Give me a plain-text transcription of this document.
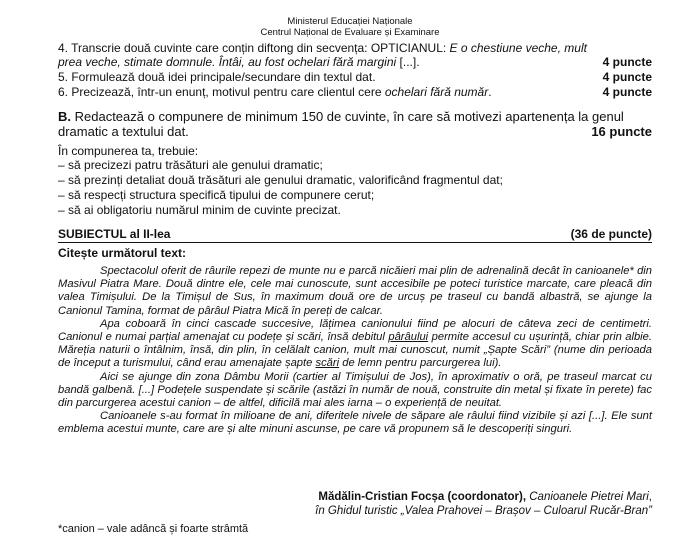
Ministerul Educației Naționale
Centrul Național de Evaluare și Examinare
4. Transcrie două cuvinte care conțin diftong din secvența: OPTICIANUL: E o chestiune veche, mult
prea veche, stimate domnule. Întâi, au fost ochelari fără margini [...].	4 puncte
5. Formulează două idei principale/secundare din textul dat.	4 puncte
6. Precizează, într-un enunț, motivul pentru care clientul cere ochelari fără număr.	4 puncte
B. Redactează o compunere de minimum 150 de cuvinte, în care să motivezi apartenența la genul
dramatic a textului dat.	16 puncte
În compunerea ta, trebuie:
– să precizezi patru trăsături ale genului dramatic;
– să prezinți detaliat două trăsături ale genului dramatic, valorificând fragmentul dat;
– să respecți structura specifică tipului de compunere cerut;
– să ai obligatoriu numărul minim de cuvinte precizat.
SUBIECTUL al II-lea	(36 de puncte)
Citește următorul text:

Spectacolul oferit de râurile repezi de munte nu e parcă nicăieri mai plin de adrenalină decât în canioanele* din Masivul Piatra Mare. Două dintre ele, cele mai cunoscute, sunt accesibile pe poteci turistice marcate, care pleacă din valea Timișului. De la Timișul de Sus, în maximum două ore de urcuș pe traseul cu bandă albastră, se ajunge la Canionul Tamina, format de pârâul Piatra Mică în pereți de calcar.

Apa coboară în cinci cascade succesive, lățimea canionului fiind pe alocuri de câteva zeci de centimetri. Canionul e numai parțial amenajat cu podețe și scări, însă debitul pârâului permite accesul cu ușurință, chiar prin albie. Măreția naturii o întâlnim, însă, din plin, în celălalt canion, mult mai cunoscut, numit „Șapte Scări” (nume din perioada de început a turismului, când erau amenajate șapte scări de lemn pentru parcurgerea lui).

Aici se ajunge din zona Dâmbu Morii (cartier al Timișului de Jos), în aproximativ o oră, pe traseul marcat cu bandă galbenă. [...] Podețele suspendate și scările (astăzi în număr de nouă, construite din metal și fixate în perete) fac din parcurgerea acestui canion – de altfel, dificilă mai ales iarna – o experiență de neuitat.

Canioanele s-au format în milioane de ani, diferitele nivele de săpare ale râului fiind vizibile și azi [...]. Ele sunt emblema acestui munte, care are și alte minuni ascunse, pe care vă propunem să le descoperiți singuri.

Mădălin-Cristian Focșa (coordonator), Canioanele Pietrei Mari,
în Ghidul turistic „Valea Prahovei – Brașov – Culoarul Rucăr-Bran”
*canion – vale adâncă și foarte strâmtă
